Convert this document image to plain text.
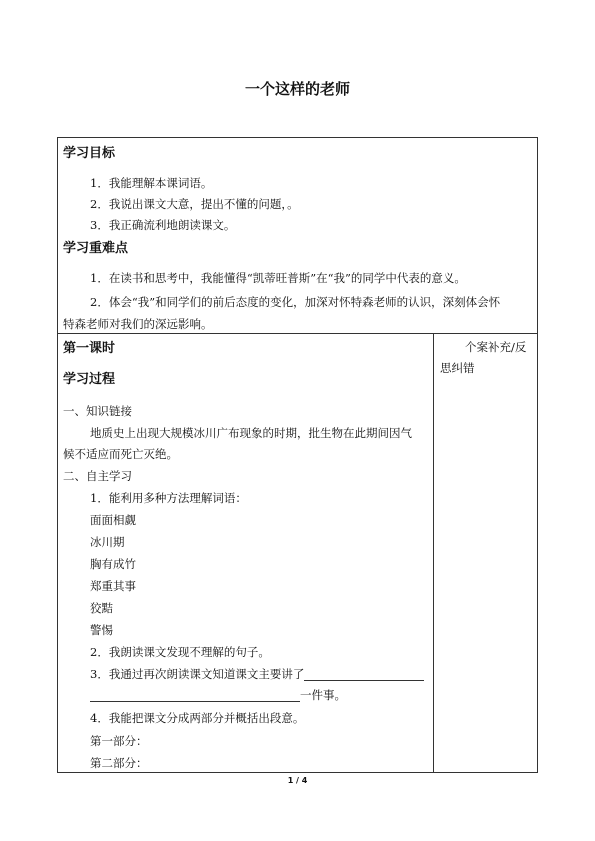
一个这样的老师
学习目标
1．我能理解本课词语。
2．我说出课文大意，提出不懂的问题，。
3．我正确流利地朗读课文。
学习重难点
1．在读书和思考中，我能懂得“凯蒂旺普斯”在“我”的同学中代表的意义。
2．体会“我”和同学们的前后态度的变化，加深对怀特森老师的认识，深刻体会怀
特森老师对我们的深远影响。
第一课时	个案补充/反
思纠错
学习过程
一、知识链接
地质史上出现大规模冰川广布现象的时期，批生物在此期间因气
候不适应而死亡灭绝。
二、自主学习
1．能利用多种方法理解词语：
面面相觑
冰川期
胸有成竹
郑重其事
狡黠
警惕
2．我朗读课文发现不理解的句子。
3．我通过再次朗读课文知道课文主要讲了
一件事。
4．我能把课文分成两部分并概括出段意。
第一部分：
第二部分：
1 / 4
